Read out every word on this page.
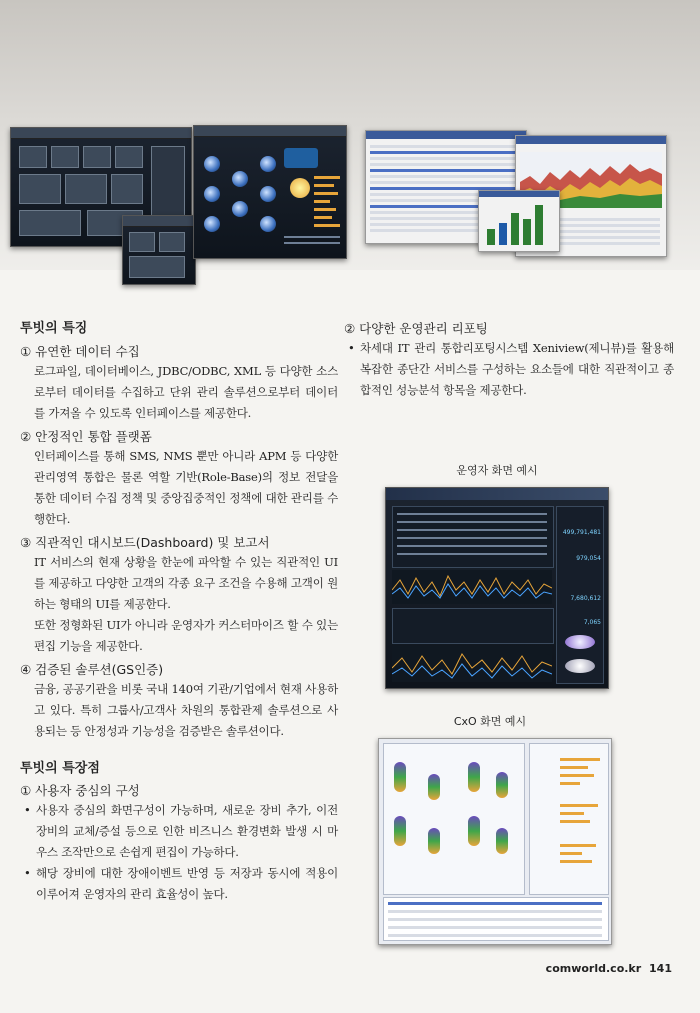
투빗의 특징

① 유연한 데이터 수집

로그파일, 데이터베이스, JDBC/ODBC, XML 등 다양한 소스로부터 데이터를 수집하고 단위 관리 솔루션으로부터 데이터를 가져올 수 있도록 인터페이스를 제공한다.

② 안정적인 통합 플랫폼

인터페이스를 통해 SMS, NMS 뿐만 아니라 APM 등 다양한 관리영역 통합은 물론 역할 기반(Role-Base)의 정보 전달을 통한 데이터 수집 정책 및 중앙집중적인 정책에 대한 관리를 수행한다.

③ 직관적인 대시보드(Dashboard) 및 보고서

IT 서비스의 현재 상황을 한눈에 파악할 수 있는 직관적인 UI를 제공하고 다양한 고객의 각종 요구 조건을 수용해 고객이 원하는 형태의 UI를 제공한다.

또한 정형화된 UI가 아니라 운영자가 커스터마이즈 할 수 있는 편집 기능을 제공한다.

④ 검증된 솔루션(GS인증)

금융, 공공기관을 비롯 국내 140여 기관/기업에서 현재 사용하고 있다. 특히 그룹사/고객사 차원의 통합관제 솔루션으로 사용되는 등 안정성과 기능성을 검증받은 솔루션이다.

투빗의 특장점

① 사용자 중심의 구성

• 사용자 중심의 화면구성이 가능하며, 새로운 장비 추가, 이전 장비의 교체/증설 등으로 인한 비즈니스 환경변화 발생 시 마우스 조작만으로 손쉽게 편집이 가능하다.

• 해당 장비에 대한 장애이벤트 반영 등 저장과 동시에 적용이 이루어져 운영자의 관리 효율성이 높다.

② 다양한 운영관리 리포팅

• 차세대 IT 관리 통합리포팅시스템 Xeniview(제니뷰)를 활용해 복잡한 종단간 서비스를 구성하는 요소들에 대한 직관적이고 종합적인 성능분석 항목을 제공한다.

운영자 화면 예시
499,791,481
979,054
7,680,612
7,065
CxO 화면 예시
comworld.co.kr 141
